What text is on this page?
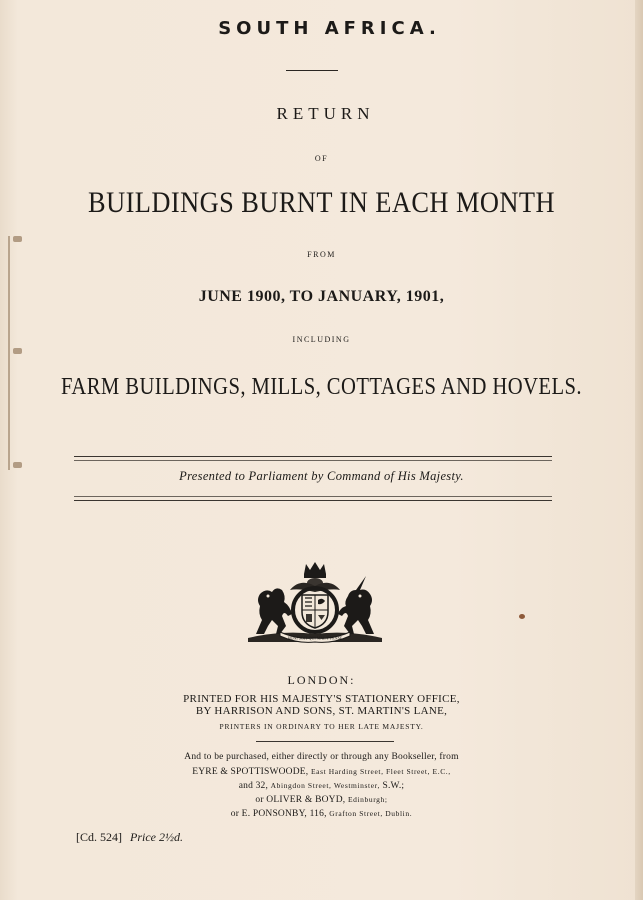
SOUTH AFRICA.
RETURN
OF
BUILDINGS BURNT IN EACH MONTH
FROM
JUNE 1900, TO JANUARY, 1901,
INCLUDING
FARM BUILDINGS, MILLS, COTTAGES AND HOVELS.
Presented to Parliament by Command of His Majesty.
HONI SOIT QUI MAL Y PENSE
LONDON:
PRINTED FOR HIS MAJESTY'S STATIONERY OFFICE,
BY HARRISON AND SONS, ST. MARTIN'S LANE,
PRINTERS IN ORDINARY TO HER LATE MAJESTY.
And to be purchased, either directly or through any Bookseller, from
EYRE & SPOTTISWOODE, East Harding Street, Fleet Street, E.C.,
and 32, Abingdon Street, Westminster, S.W.;
or OLIVER & BOYD, Edinburgh;
or E. PONSONBY, 116, Grafton Street, Dublin.
[Cd. 524] Price 2½d.
